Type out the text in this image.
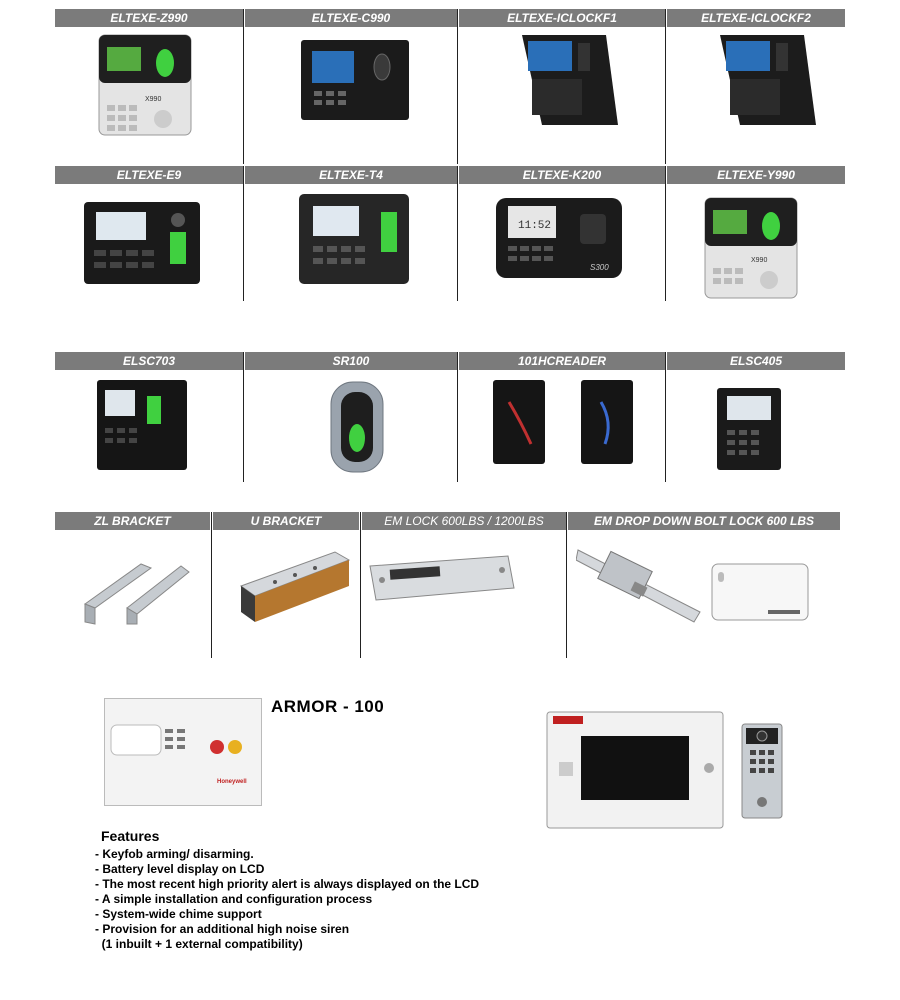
ELTEXE-Z990
X990
ELTEXE-C990	ELTEXE-ICLOCKF1	ELTEXE-ICLOCKF2
ELTEXE-E9	ELTEXE-T4	ELTEXE-K200
11:52
S300
ELTEXE-Y990
X990
ELSC703	SR100	101HCREADER	ELSC405
ZL BRACKET	U BRACKET	EM LOCK 600LBS / 1200LBS	EM DROP DOWN BOLT LOCK 600 LBS
Honeywell
ARMOR - 100
Features
- Keyfob arming/ disarming.
- Battery level display on LCD
- The most recent high priority alert is always displayed on the LCD
- A simple installation and configuration process
- System-wide chime support
- Provision for an additional high noise siren
(1 inbuilt + 1 external compatibility)
